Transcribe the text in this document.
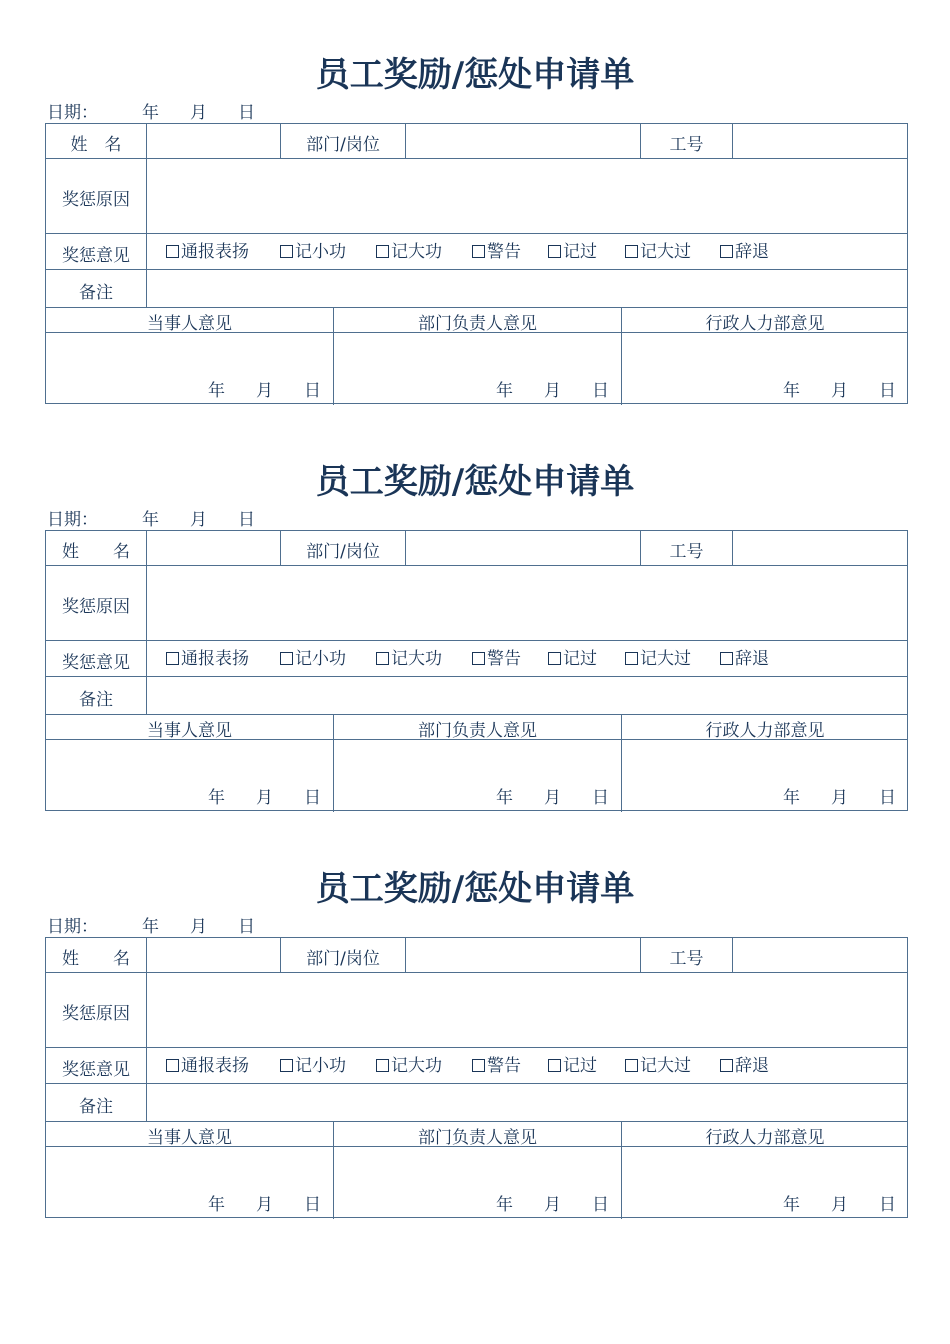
员工奖励/惩处申请单
日期：	年 月 日
姓　名	部门/岗位	工号
奖惩原因
奖惩意见	通报表扬	记小功	记大功	警告	记过	记大过	辞退
备注
当事人意见	部门负责人意见	行政人力部意见
年 月 日	年 月 日	年 月 日
员工奖励/惩处申请单
日期：	年 月 日
姓　　名	部门/岗位	工号
奖惩原因
奖惩意见	通报表扬	记小功	记大功	警告	记过	记大过	辞退
备注
当事人意见	部门负责人意见	行政人力部意见
年 月 日	年 月 日	年 月 日
员工奖励/惩处申请单
日期：	年 月 日
姓　　名	部门/岗位	工号
奖惩原因
奖惩意见	通报表扬	记小功	记大功	警告	记过	记大过	辞退
备注
当事人意见	部门负责人意见	行政人力部意见
年 月 日	年 月 日	年 月 日
